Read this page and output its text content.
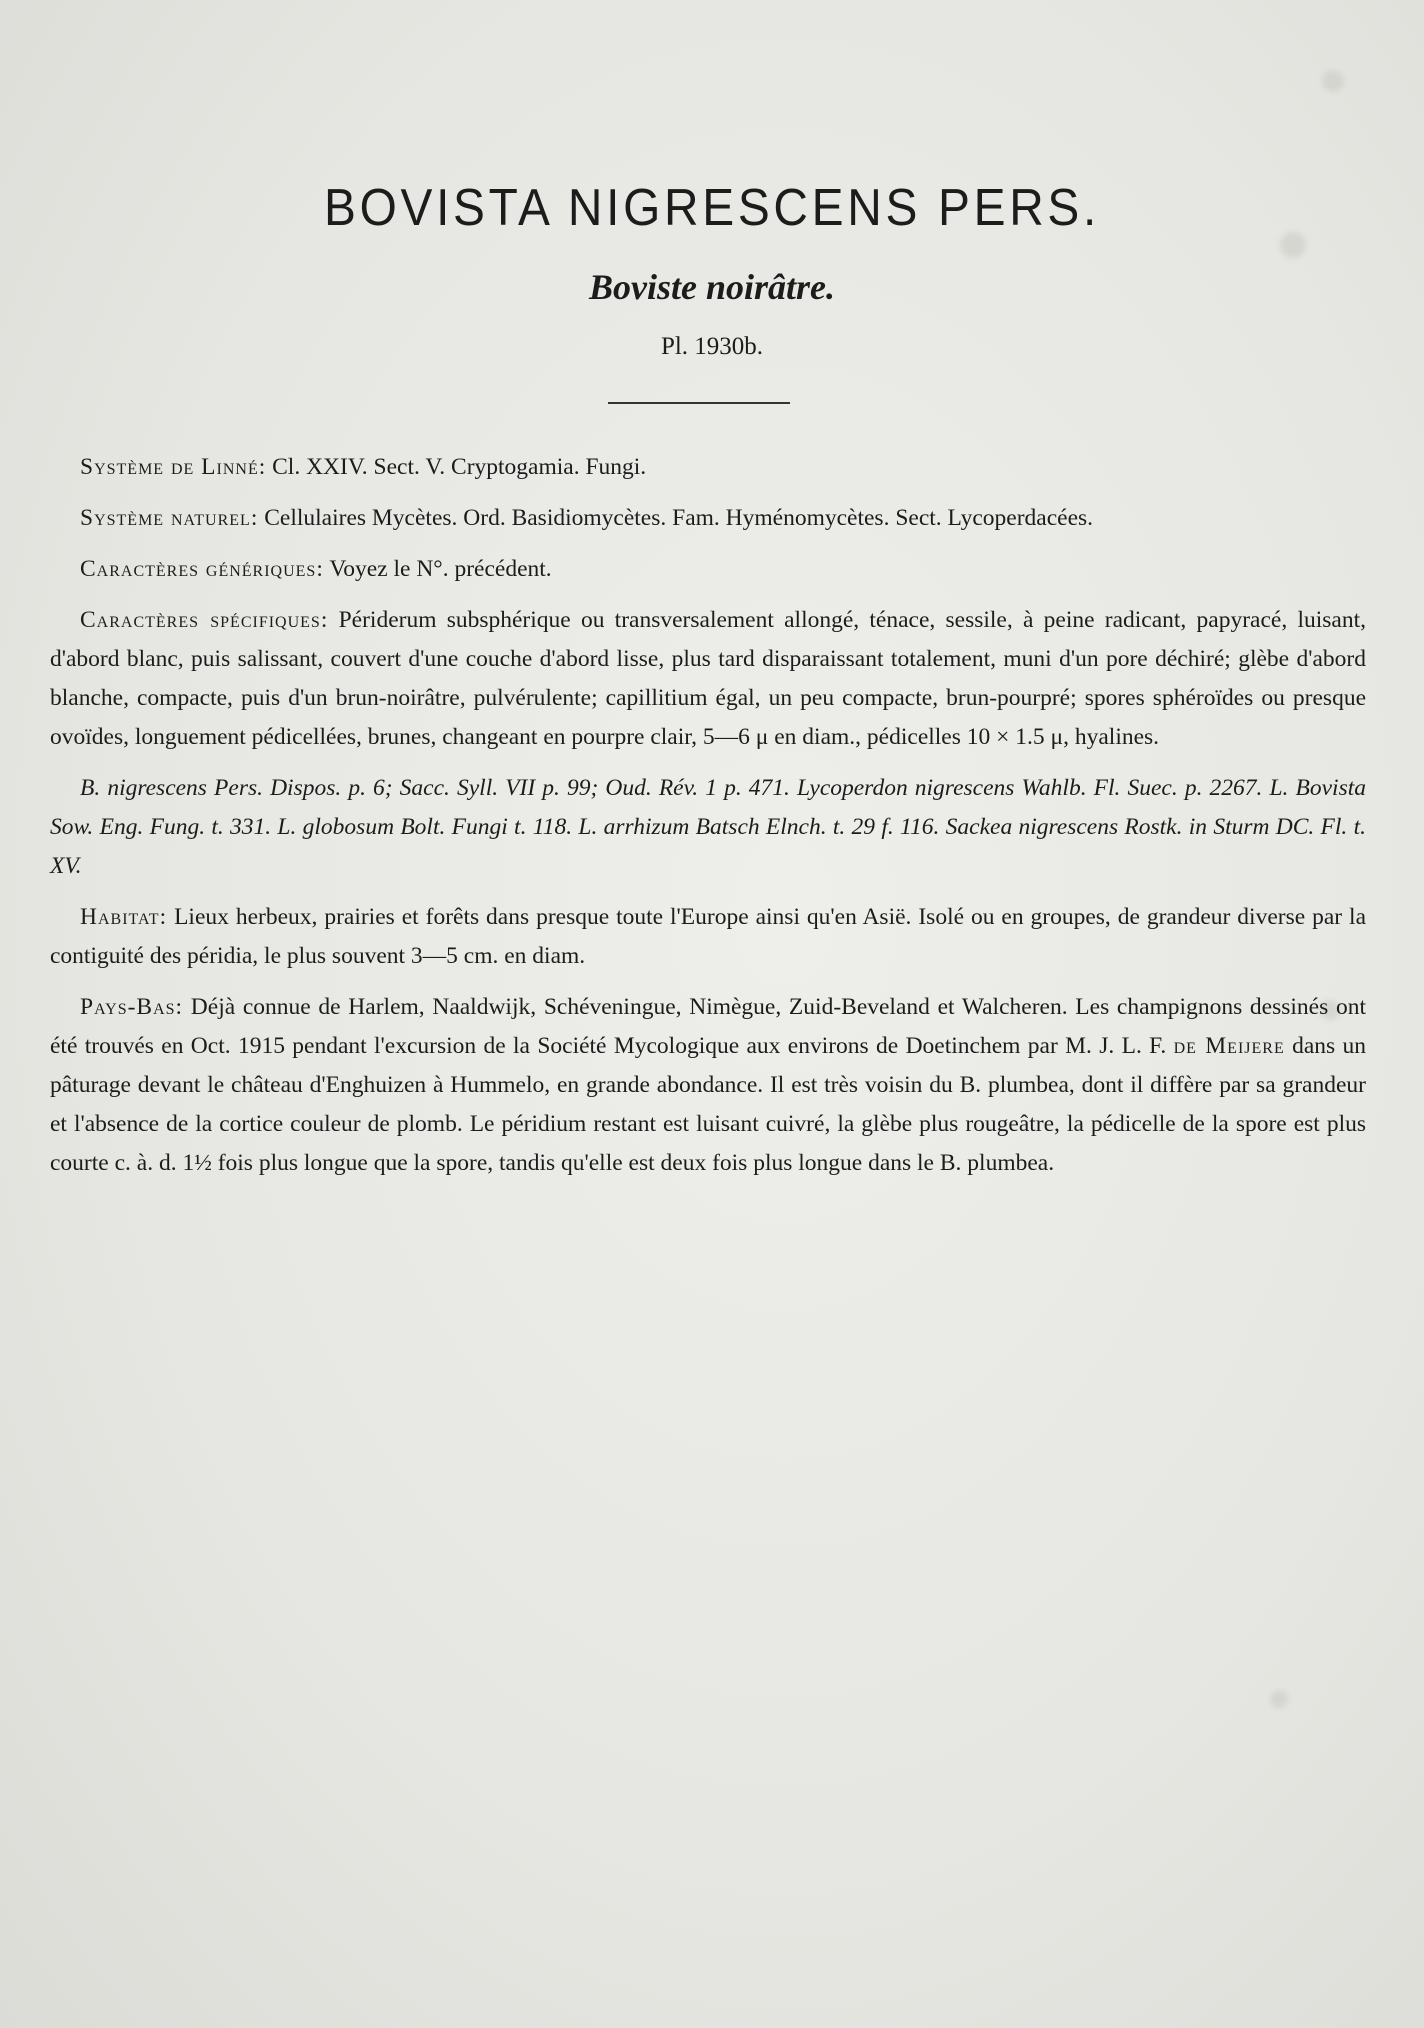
BOVISTA NIGRESCENS PERS.
Boviste noirâtre.
Pl. 1930b.

Système de Linné: Cl. XXIV. Sect. V. Cryptogamia. Fungi.

Système naturel: Cellulaires Mycètes. Ord. Basidiomycètes. Fam. Hyménomycètes. Sect. Lycoperdacées.

Caractères génériques: Voyez le N°. précédent.

Caractères spécifiques: Périderum subsphérique ou transversalement allongé, ténace, sessile, à peine radicant, papyracé, luisant, d'abord blanc, puis salissant, couvert d'une couche d'abord lisse, plus tard disparaissant totalement, muni d'un pore déchiré; glèbe d'abord blanche, compacte, puis d'un brun-noirâtre, pulvérulente; capillitium égal, un peu compacte, brun-pourpré; spores sphéroïdes ou presque ovoïdes, longuement pédicellées, brunes, changeant en pourpre clair, 5—6 μ en diam., pédicelles 10 × 1.5 μ, hyalines.

B. nigrescens Pers. Dispos. p. 6; Sacc. Syll. VII p. 99; Oud. Rév. 1 p. 471. Lycoperdon nigrescens Wahlb. Fl. Suec. p. 2267. L. Bovista Sow. Eng. Fung. t. 331. L. globosum Bolt. Fungi t. 118. L. arrhizum Batsch Elnch. t. 29 f. 116. Sackea nigrescens Rostk. in Sturm DC. Fl. t. XV.

Habitat: Lieux herbeux, prairies et forêts dans presque toute l'Europe ainsi qu'en Asië. Isolé ou en groupes, de grandeur diverse par la contiguité des péridia, le plus souvent 3—5 cm. en diam.

Pays-Bas: Déjà connue de Harlem, Naaldwijk, Schéveningue, Nimègue, Zuid-Beveland et Walcheren. Les champignons dessinés ont été trouvés en Oct. 1915 pendant l'excursion de la Société Mycologique aux environs de Doetinchem par M. J. L. F. de Meijere dans un pâturage devant le château d'Enghuizen à Hummelo, en grande abondance. Il est très voisin du B. plumbea, dont il diffère par sa grandeur et l'absence de la cortice couleur de plomb. Le péridium restant est luisant cuivré, la glèbe plus rougeâtre, la pédicelle de la spore est plus courte c. à. d. 1½ fois plus longue que la spore, tandis qu'elle est deux fois plus longue dans le B. plumbea.
